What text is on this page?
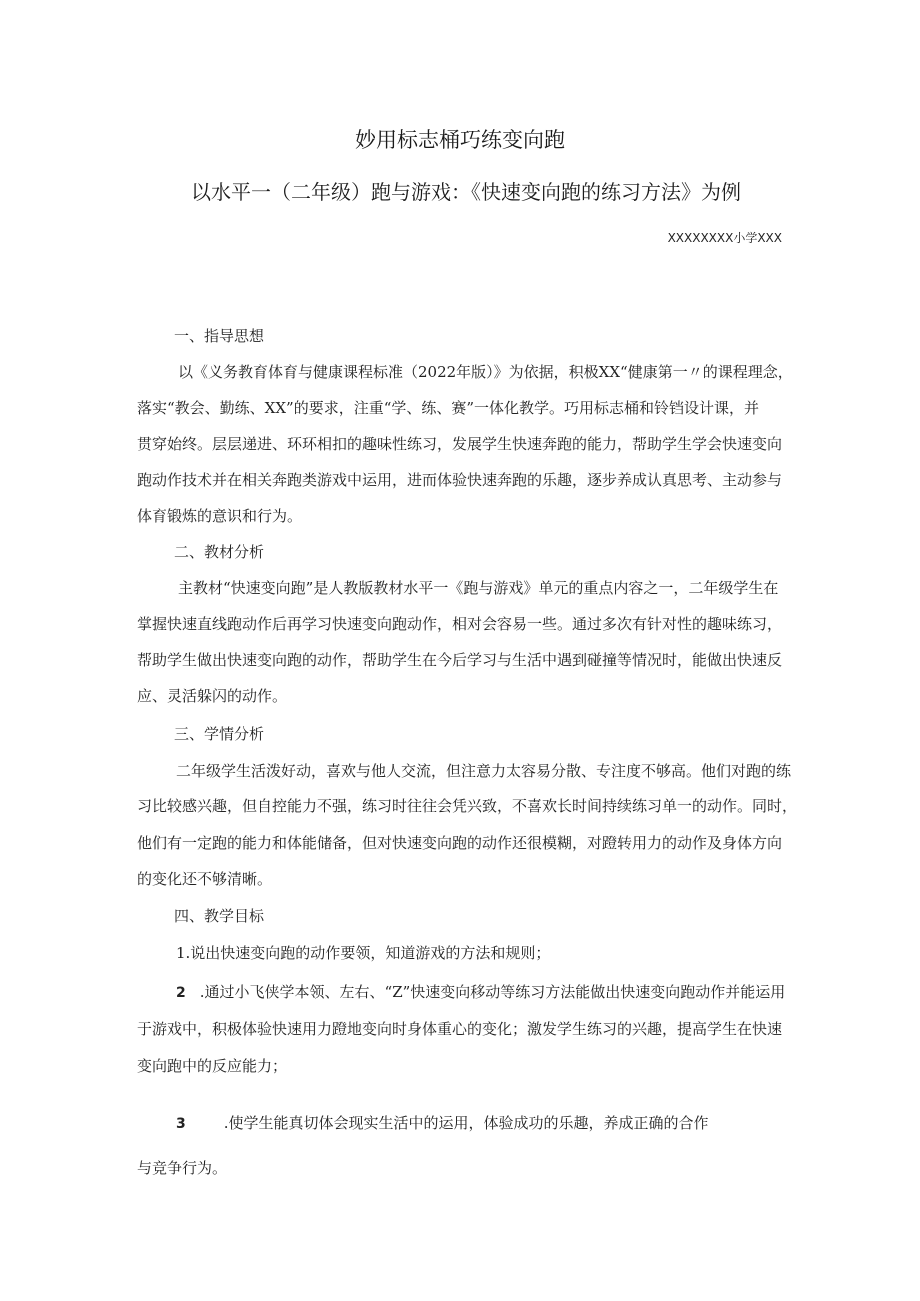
妙用标志桶巧练变向跑
以水平一（二年级）跑与游戏：《快速变向跑的练习方法》为例
XXXXXXXX小学XXX
一、指导思想
以《义务教育体育与健康课程标准（2022年版）》为依据，积极XX“健康第一〃的课程理念，
落实“教会、勤练、XX”的要求，注重“学、练、赛”一体化教学。巧用标志桶和铃铛设计课，并
贯穿始终。层层递进、环环相扣的趣味性练习，发展学生快速奔跑的能力，帮助学生学会快速变向
跑动作技术并在相关奔跑类游戏中运用，进而体验快速奔跑的乐趣，逐步养成认真思考、主动参与
体育锻炼的意识和行为。
二、教材分析
主教材“快速变向跑”是人教版教材水平一《跑与游戏》单元的重点内容之一，二年级学生在
掌握快速直线跑动作后再学习快速变向跑动作，相对会容易一些。通过多次有针对性的趣味练习，
帮助学生做出快速变向跑的动作，帮助学生在今后学习与生活中遇到碰撞等情况时，能做出快速反
应、灵活躲闪的动作。
三、学情分析
二年级学生活泼好动，喜欢与他人交流，但注意力太容易分散、专注度不够高。他们对跑的练
习比较感兴趣，但自控能力不强，练习时往往会凭兴致，不喜欢长时间持续练习单一的动作。同时，
他们有一定跑的能力和体能储备，但对快速变向跑的动作还很模糊，对蹬转用力的动作及身体方向
的变化还不够清晰。
四、教学目标
1.说出快速变向跑的动作要领，知道游戏的方法和规则；
2 .通过小飞侠学本领、左右、“Z”快速变向移动等练习方法能做出快速变向跑动作并能运用
于游戏中，积极体验快速用力蹬地变向时身体重心的变化；激发学生练习的兴趣，提高学生在快速
变向跑中的反应能力；
3	.使学生能真切体会现实生活中的运用，体验成功的乐趣，养成正确的合作
与竞争行为。
